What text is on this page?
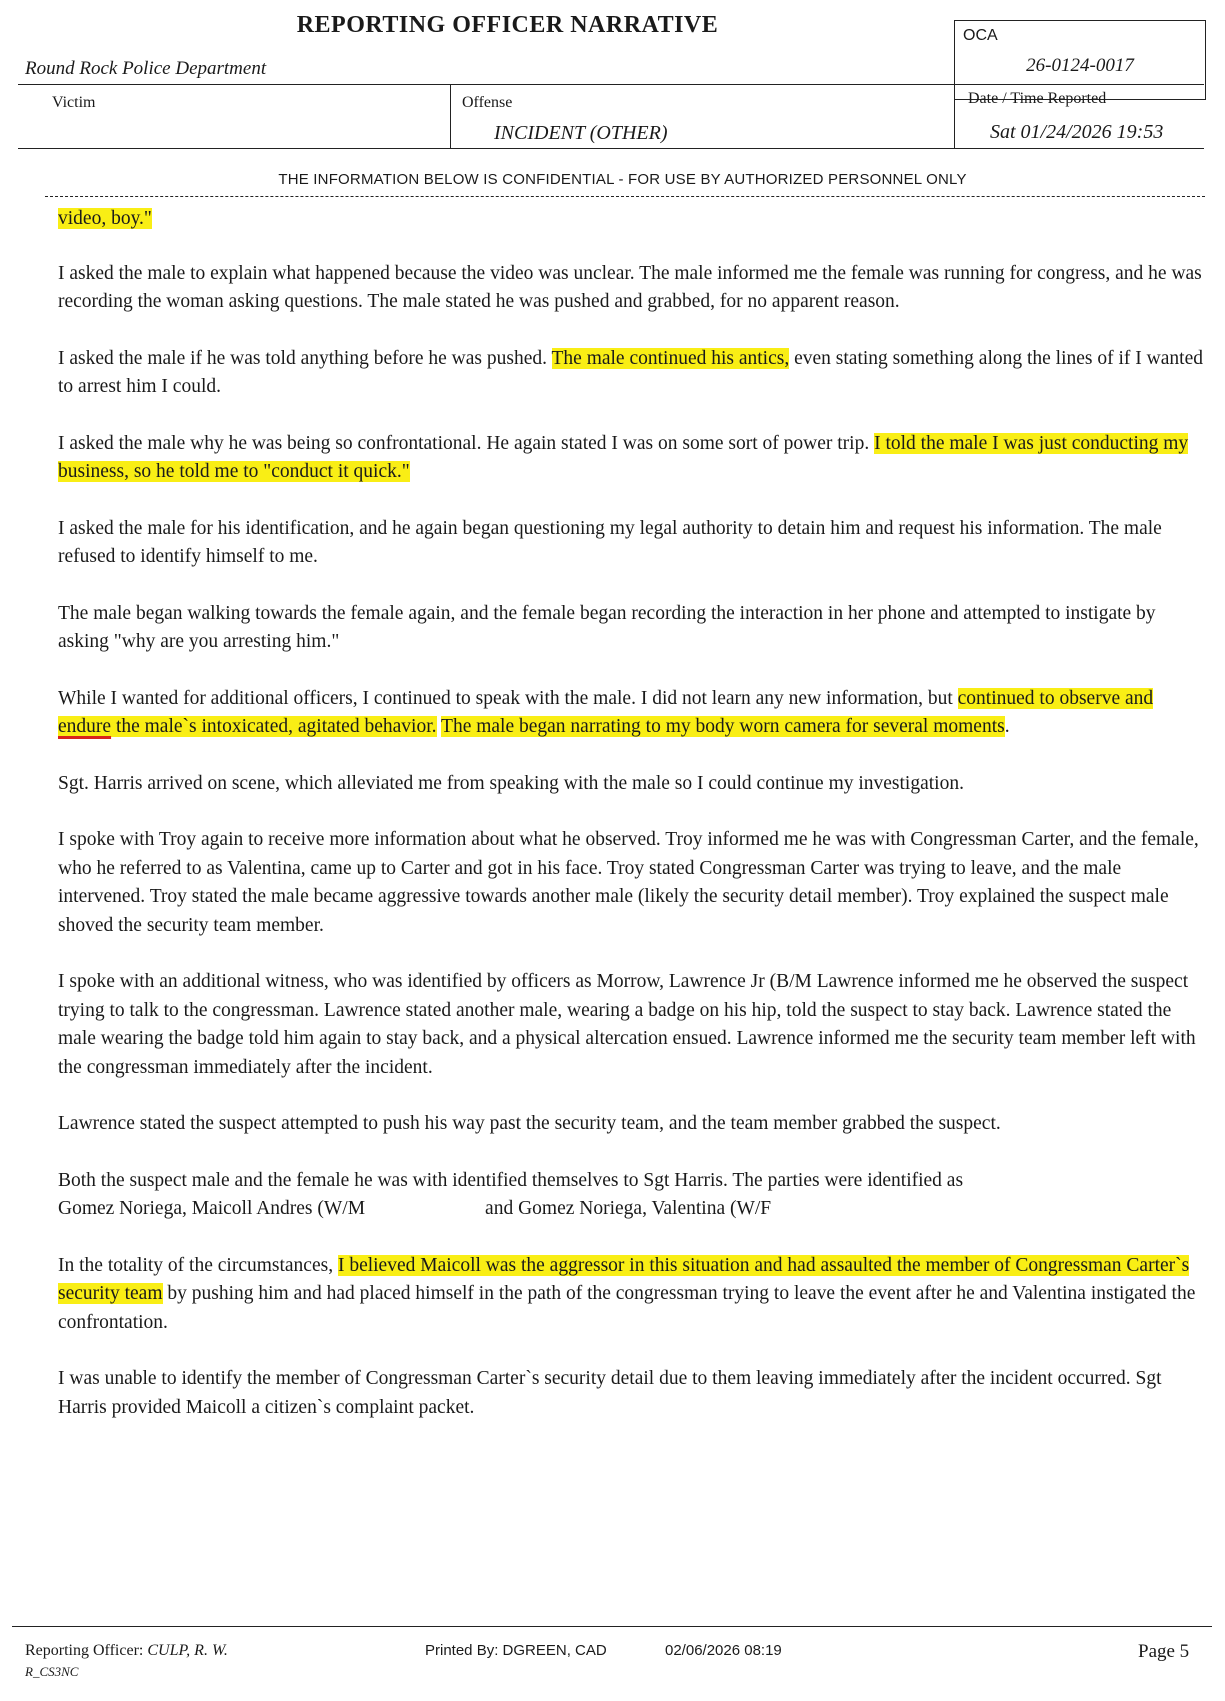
REPORTING OFFICER NARRATIVE
Round Rock Police Department
OCA
26-0124-0017
Victim	Offense
INCIDENT (OTHER)
Date / Time Reported
Sat 01/24/2026 19:53
THE INFORMATION BELOW IS CONFIDENTIAL - FOR USE BY AUTHORIZED PERSONNEL ONLY

video, boy."

I asked the male to explain what happened because the video was unclear. The male informed me the female was running for congress, and he was recording the woman asking questions. The male stated he was pushed and grabbed, for no apparent reason.

I asked the male if he was told anything before he was pushed. The male continued his antics, even stating something along the lines of if I wanted to arrest him I could.

I asked the male why he was being so confrontational. He again stated I was on some sort of power trip. I told the male I was just conducting my business, so he told me to "conduct it quick."

I asked the male for his identification, and he again began questioning my legal authority to detain him and request his information. The male refused to identify himself to me.

The male began walking towards the female again, and the female began recording the interaction in her phone and attempted to instigate by asking "why are you arresting him."

While I wanted for additional officers, I continued to speak with the male. I did not learn any new information, but continued to observe and endure the male`s intoxicated, agitated behavior. The male began narrating to my body worn camera for several moments.

Sgt. Harris arrived on scene, which alleviated me from speaking with the male so I could continue my investigation.

I spoke with Troy again to receive more information about what he observed. Troy informed me he was with Congressman Carter, and the female, who he referred to as Valentina, came up to Carter and got in his face. Troy stated Congressman Carter was trying to leave, and the male intervened. Troy stated the male became aggressive towards another male (likely the security detail member). Troy explained the suspect male shoved the security team member.

I spoke with an additional witness, who was identified by officers as Morrow, Lawrence Jr (B/M Lawrence informed me he observed the suspect trying to talk to the congressman. Lawrence stated another male, wearing a badge on his hip, told the suspect to stay back. Lawrence stated the male wearing the badge told him again to stay back, and a physical altercation ensued. Lawrence informed me the security team member left with the congressman immediately after the incident.

Lawrence stated the suspect attempted to push his way past the security team, and the team member grabbed the suspect.

Both the suspect male and the female he was with identified themselves to Sgt Harris. The parties were identified as
Gomez Noriega, Maicoll Andres (W/M	and Gomez Noriega, Valentina (W/F

In the totality of the circumstances, I believed Maicoll was the aggressor in this situation and had assaulted the member of Congressman Carter`s security team by pushing him and had placed himself in the path of the congressman trying to leave the event after he and Valentina instigated the confrontation.

I was unable to identify the member of Congressman Carter`s security detail due to them leaving immediately after the incident occurred. Sgt Harris provided Maicoll a citizen`s complaint packet.

Reporting Officer: CULP, R. W.
R_CS3NC
Printed By: DGREEN, CAD	02/06/2026 08:19	Page 5
